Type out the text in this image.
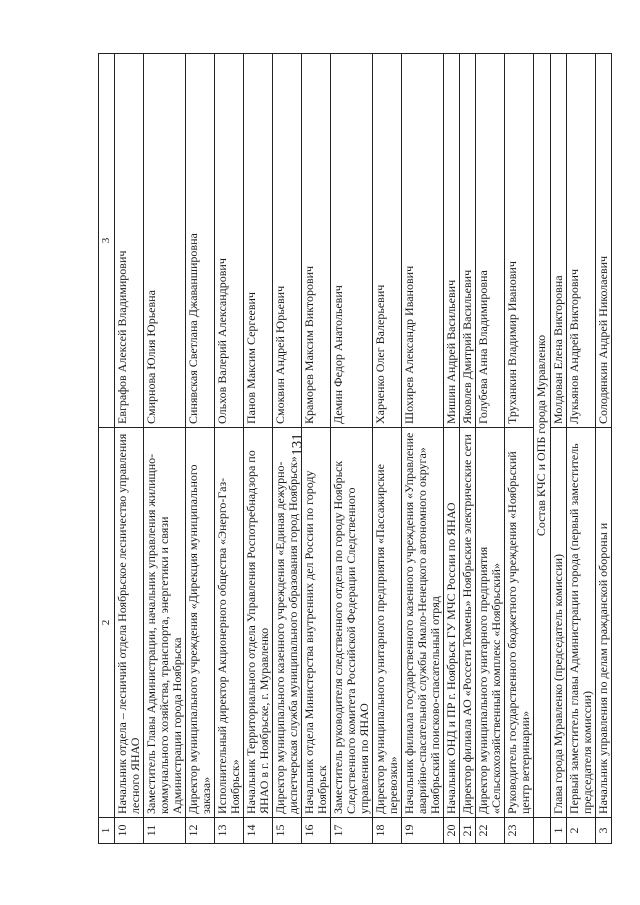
131
1	2	3
10	Начальник отдела – лесничий отдела Ноябрьское лесничество управления лесного ЯНАО	Евграфов Алексей Владимирович
11	Заместитель Главы Администрации, начальник управления жилищно-коммунального хозяйства, транспорта, энергетики и связи Администрации города Ноябрьска	Смирнова Юлия Юрьевна
12	Директор муниципального учреждения «Дирекция муниципального заказа»	Синявская Светлана Джаваншировна
13	Исполнительный директор Акционерного общества «Энерго-Газ-Ноябрьск»	Ольхов Валерий Александрович
14	Начальник Территориального отдела Управления Роспотребнадзора по ЯНАО в г. Ноябрьске, г. Муравленко	Панов Максим Сергеевич
15	Директор муниципального казенного учреждения «Единая дежурно-диспетчерская служба муниципального образования город Ноябрьск»	Смоквин Андрей Юрьевич
16	Начальник отдела Министерства внутренних дел России по городу Ноябрьск	Краморев Максим Викторович
17	Заместитель руководителя следственного отдела по городу Ноябрьск Следственного комитета Российской Федерации Следственного управления по ЯНАО	Демин Федор Анатольевич
18	Директор муниципального унитарного предприятия «Пассажирские перевозки»	Харченко Олег Валерьевич
19	Начальник филиала государственного казенного учреждения «Управление аварийно-спасательной службы Ямало-Ненецкого автономного округа» Ноябрьский поисково-спасательный отряд	Шохирев Александр Иванович
20	Начальник ОНД и ПР г. Ноябрьск ГУ МЧС России по ЯНАО	Мишин Андрей Васильевич
21	Директор филиала АО «Россети Тюмень» Ноябрьские электрические сети	Яковлев Дмитрий Васильевич
22	Директор муниципального унитарного предприятия «Сельскохозяйственный комплекс «Ноябрьский»	Голубева Анна Владимировна
23	Руководитель государственного бюджетного учреждения «Ноябрьский центр ветеринарии»	Труханкин Владимир Иванович
	Состав КЧС и ОПБ города Муравленко	
1	Глава города Муравленко (председатель комиссии)	Молдован Елена Викторовна
2	Первый заместитель главы Администрации города (первый заместитель председателя комиссии)	Лукьянов Андрей Викторович
3	Начальник управления по делам гражданской обороны и	Солодянкин Андрей Николаевич
